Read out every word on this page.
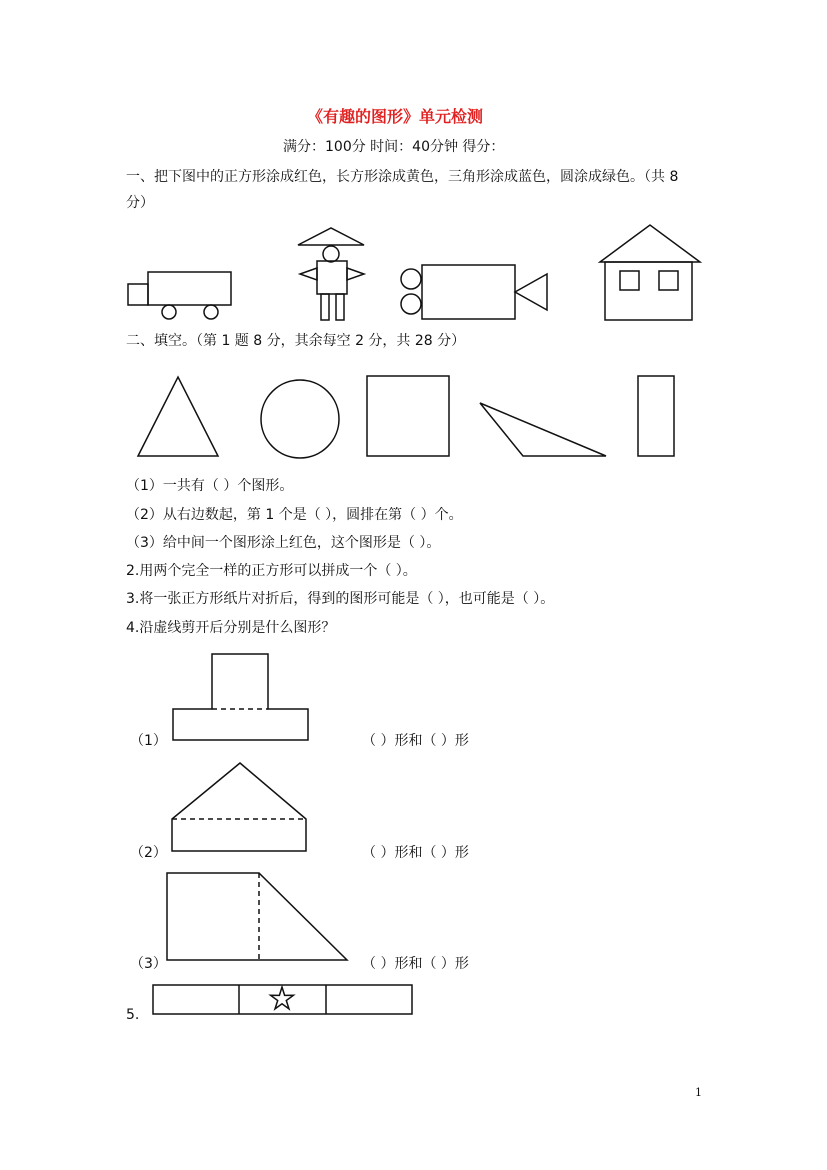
《有趣的图形》单元检测
满分：100分 时间：40分钟 得分：
一、把下图中的正方形涂成红色，长方形涂成黄色，三角形涂成蓝色，圆涂成绿色。（共 8
分）
二、填空。（第 1 题 8 分，其余每空 2 分，共 28 分）
（1）一共有（ ）个图形。
（2）从右边数起，第 1 个是（ ），圆排在第（ ）个。
（3）给中间一个图形涂上红色，这个图形是（ ）。
2.用两个完全一样的正方形可以拼成一个（ ）。
3.将一张正方形纸片对折后，得到的图形可能是（ ），也可能是（ ）。
4.沿虚线剪开后分别是什么图形？
（1）	（ ）形和（ ）形
（2）	（ ）形和（ ）形
（3）	（ ）形和（ ）形
5.
1
